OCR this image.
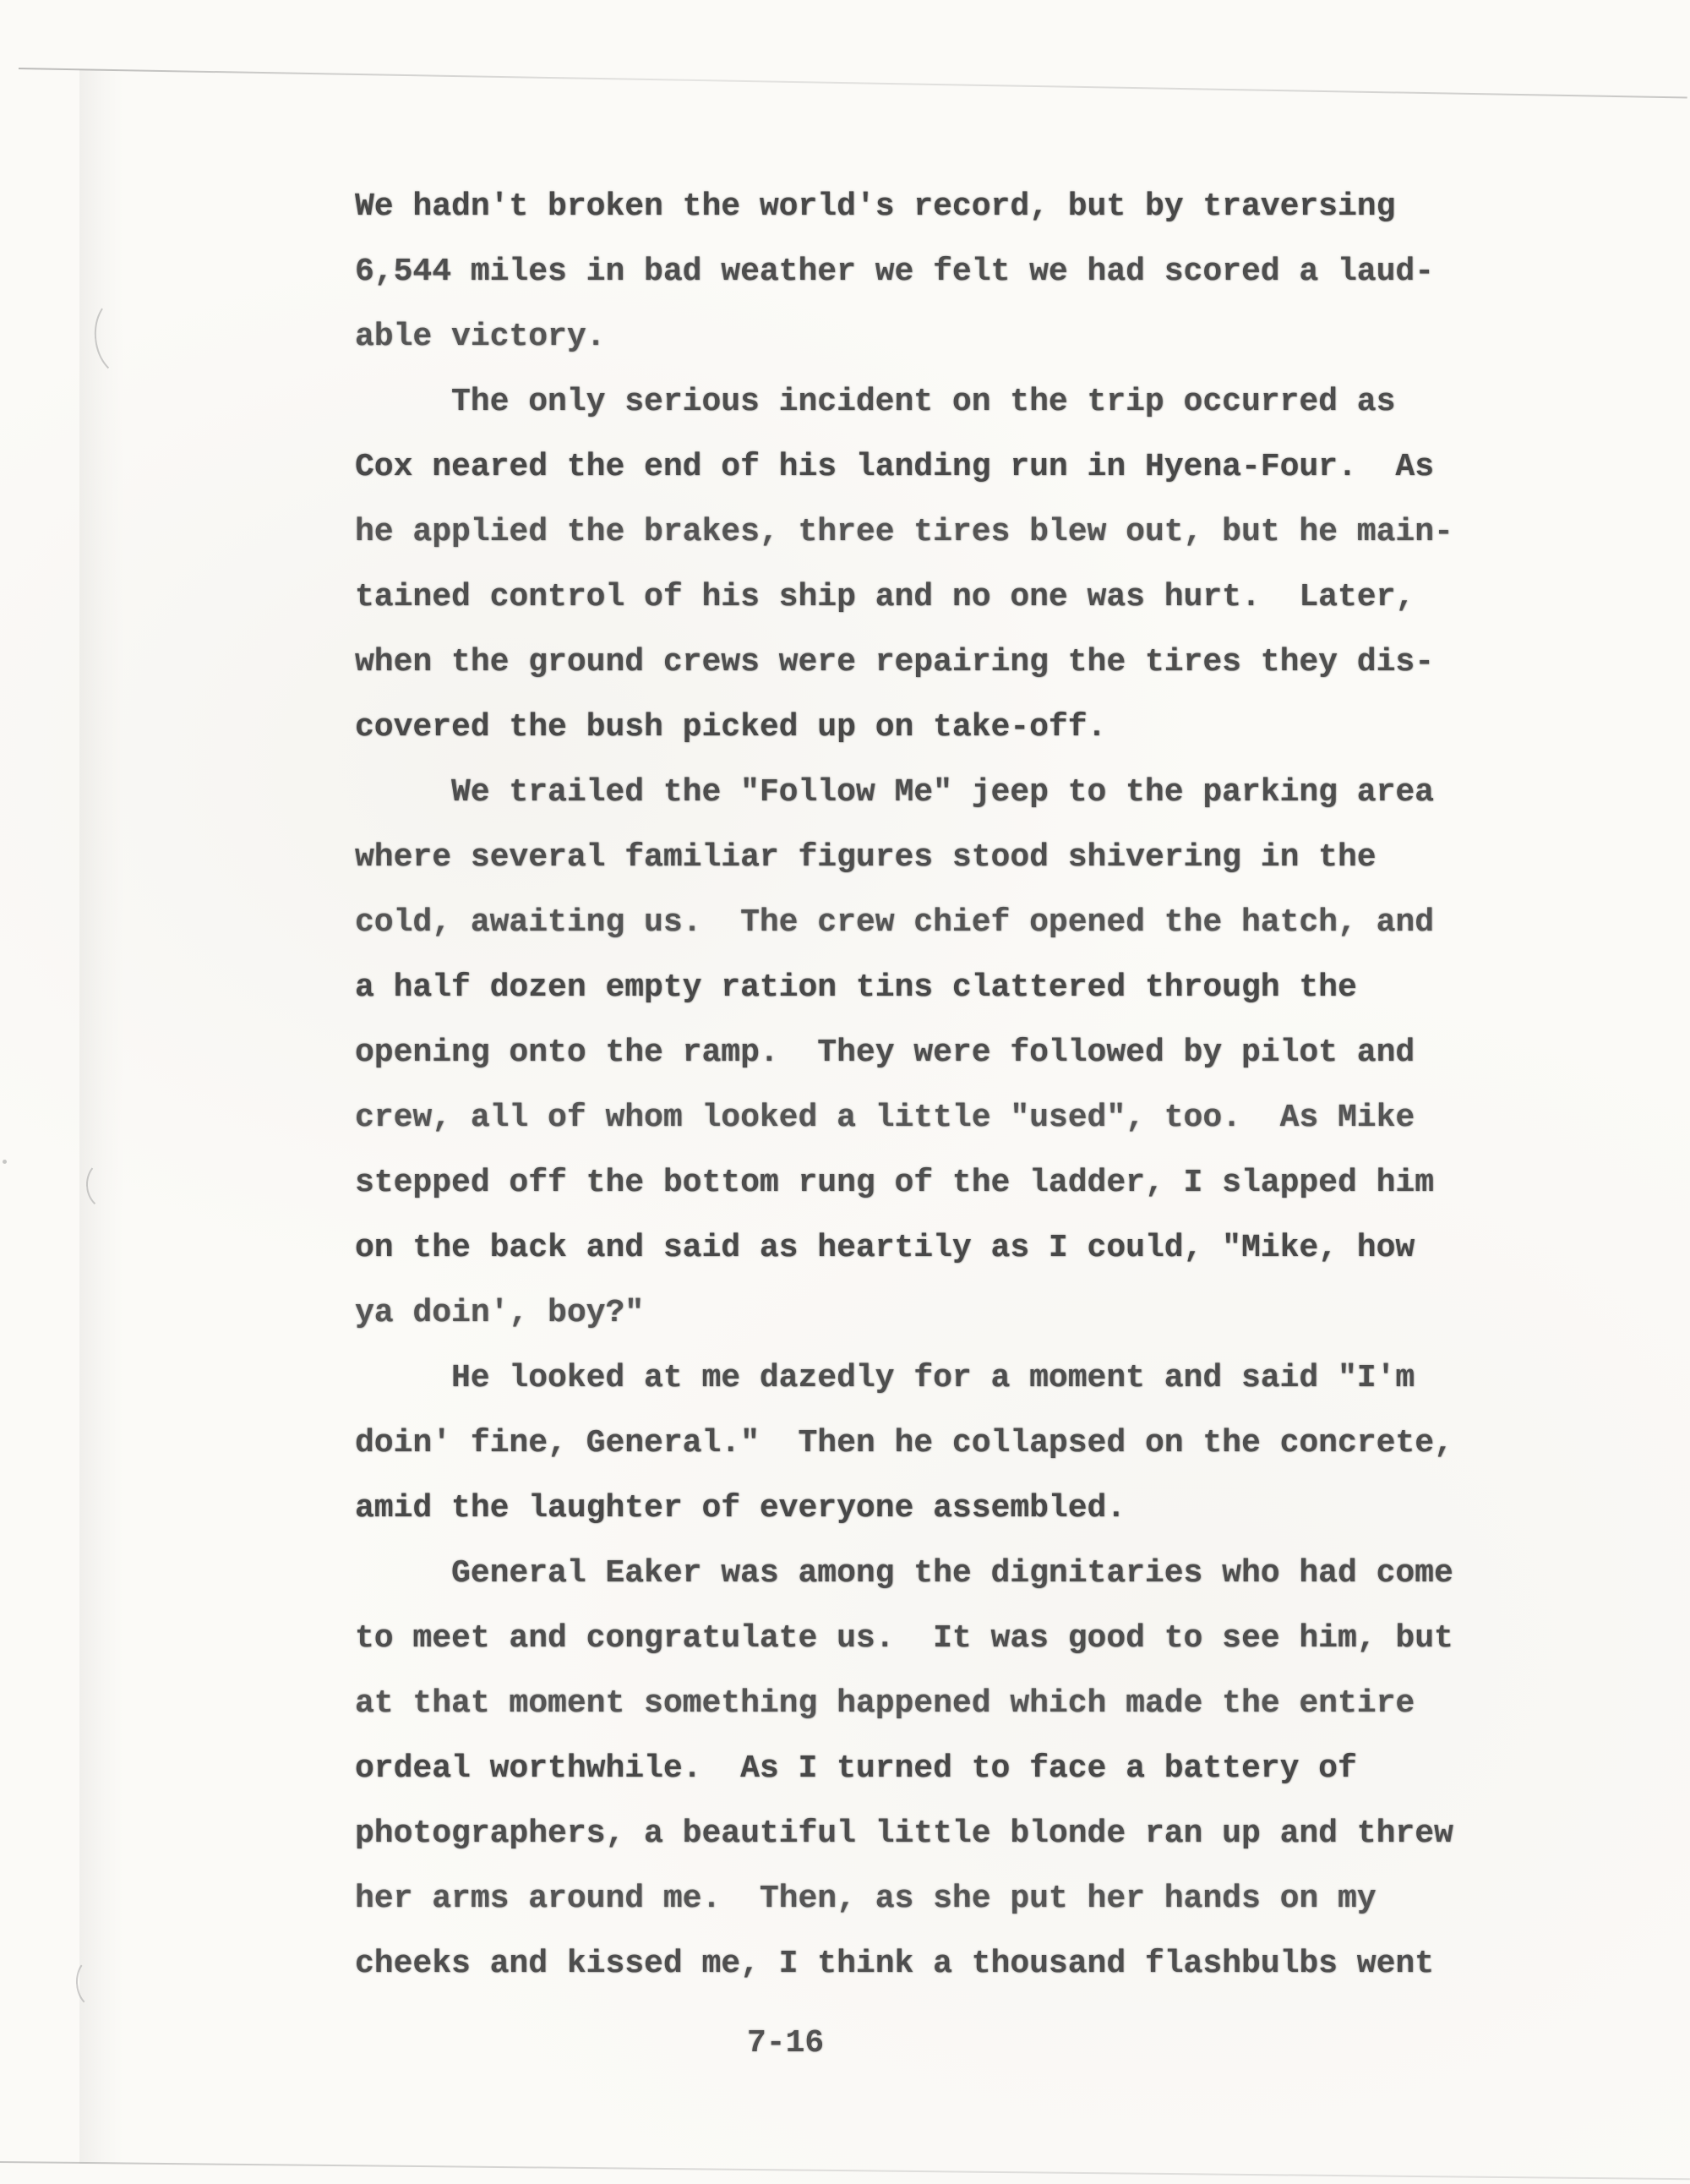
We hadn't broken the world's record, but by traversing
6,544 miles in bad weather we felt we had scored a laud-
able victory.
The only serious incident on the trip occurred as
Cox neared the end of his landing run in Hyena-Four.  As
he applied the brakes, three tires blew out, but he main-
tained control of his ship and no one was hurt.  Later,
when the ground crews were repairing the tires they dis-
covered the bush picked up on take-off.
We trailed the "Follow Me" jeep to the parking area
where several familiar figures stood shivering in the
cold, awaiting us.  The crew chief opened the hatch, and
a half dozen empty ration tins clattered through the
opening onto the ramp.  They were followed by pilot and
crew, all of whom looked a little "used", too.  As Mike
stepped off the bottom rung of the ladder, I slapped him
on the back and said as heartily as I could, "Mike, how
ya doin', boy?"
He looked at me dazedly for a moment and said "I'm
doin' fine, General."  Then he collapsed on the concrete,
amid the laughter of everyone assembled.
General Eaker was among the dignitaries who had come
to meet and congratulate us.  It was good to see him, but
at that moment something happened which made the entire
ordeal worthwhile.  As I turned to face a battery of
photographers, a beautiful little blonde ran up and threw
her arms around me.  Then, as she put her hands on my
cheeks and kissed me, I think a thousand flashbulbs went
7-16
